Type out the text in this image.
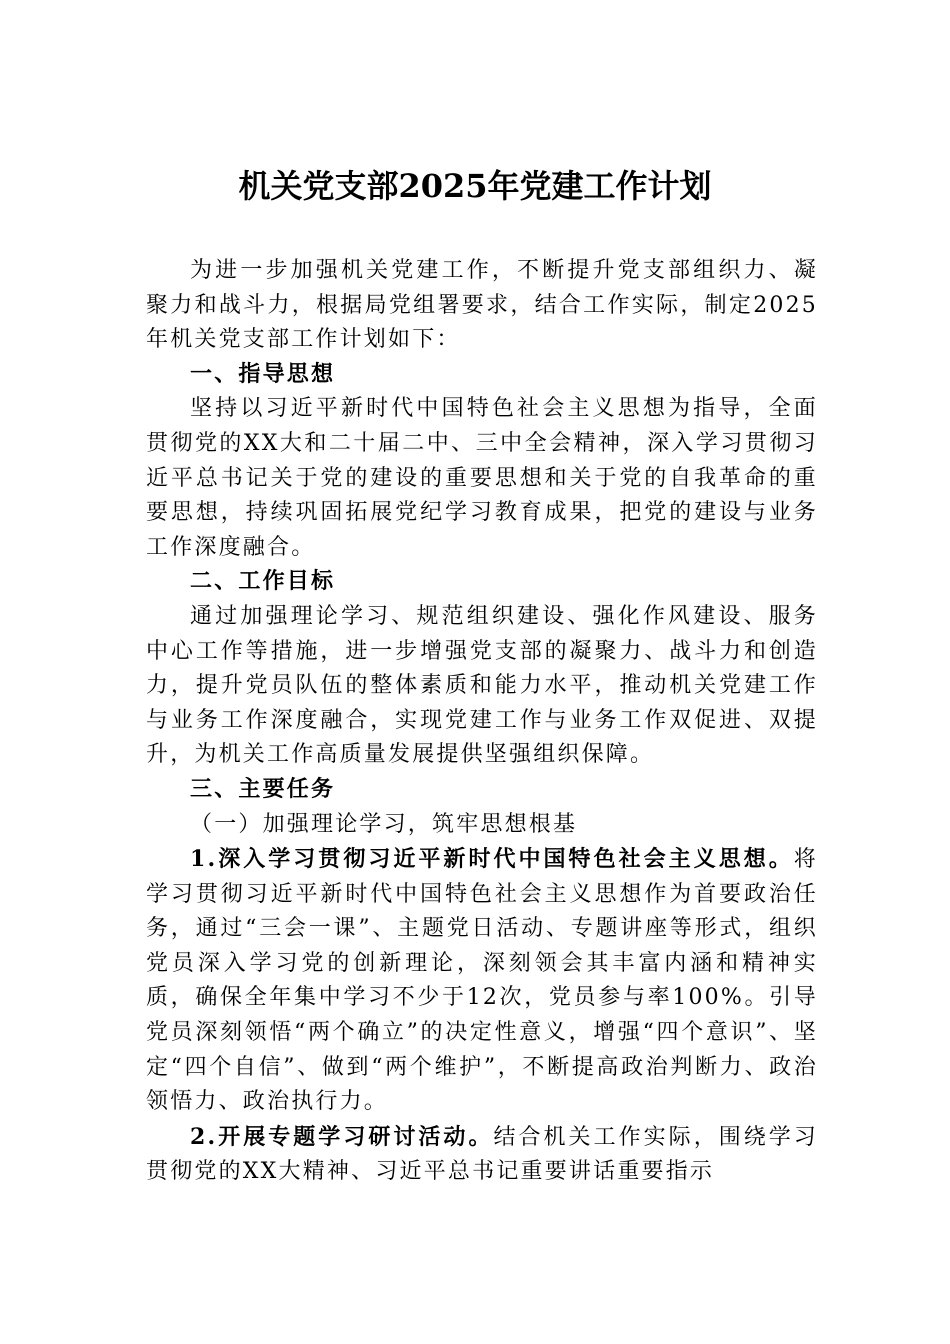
机关党支部2025年党建工作计划

为进一步加强机关党建工作，不断提升党支部组织力、凝聚力和战斗力，根据局党组署要求，结合工作实际，制定2025年机关党支部工作计划如下：

一、指导思想

坚持以习近平新时代中国特色社会主义思想为指导，全面贯彻党的XX大和二十届二中、三中全会精神，深入学习贯彻习近平总书记关于党的建设的重要思想和关于党的自我革命的重要思想，持续巩固拓展党纪学习教育成果，把党的建设与业务工作深度融合。

二、工作目标

通过加强理论学习、规范组织建设、强化作风建设、服务中心工作等措施，进一步增强党支部的凝聚力、战斗力和创造力，提升党员队伍的整体素质和能力水平，推动机关党建工作与业务工作深度融合，实现党建工作与业务工作双促进、双提升，为机关工作高质量发展提供坚强组织保障。

三、主要任务

（一）加强理论学习，筑牢思想根基

1.深入学习贯彻习近平新时代中国特色社会主义思想。将学习贯彻习近平新时代中国特色社会主义思想作为首要政治任务，通过“三会一课”、主题党日活动、专题讲座等形式，组织党员深入学习党的创新理论，深刻领会其丰富内涵和精神实质，确保全年集中学习不少于12次，党员参与率100%。引导党员深刻领悟“两个确立”的决定性意义，增强“四个意识”、坚定“四个自信”、做到“两个维护”，不断提高政治判断力、政治领悟力、政治执行力。

2.开展专题学习研讨活动。结合机关工作实际，围绕学习贯彻党的XX大精神、习近平总书记重要讲话重要指示
